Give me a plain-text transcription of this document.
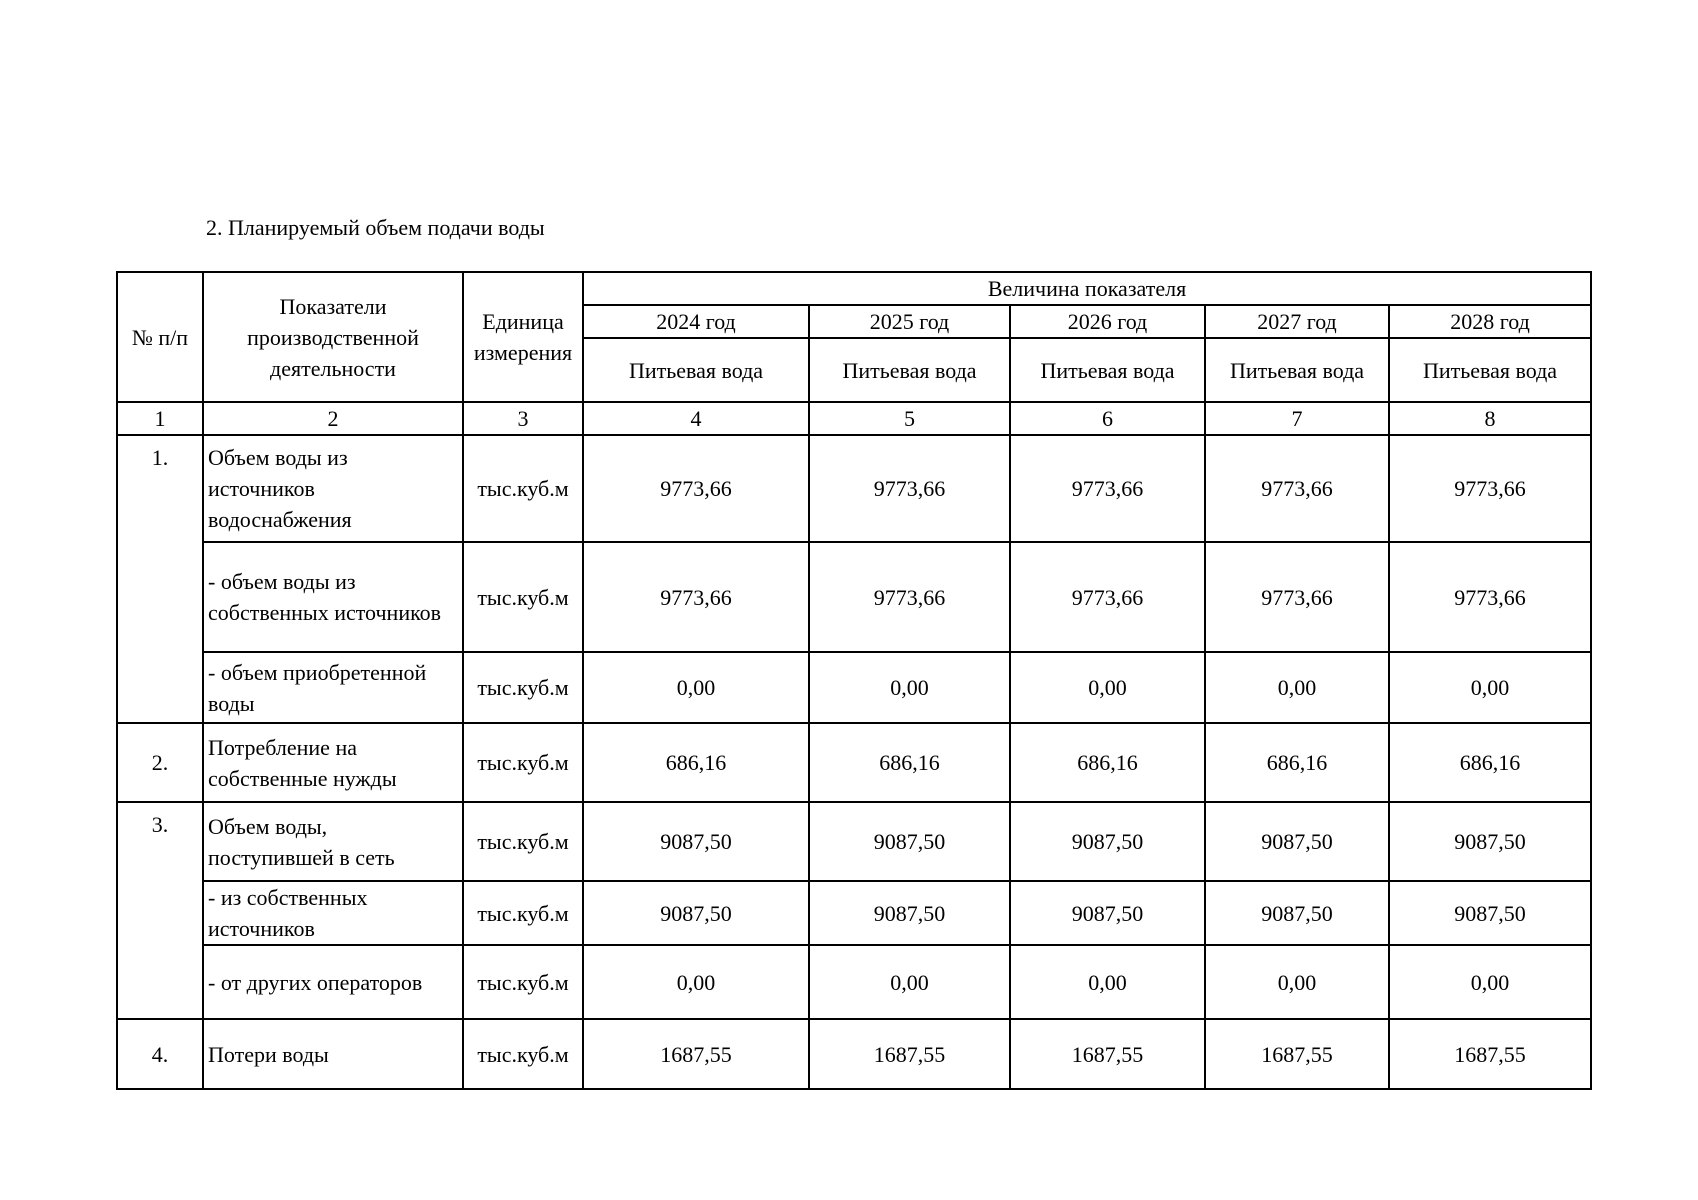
2. Планируемый объем подачи воды
№ п/п	Показатели производственной деятельности	Единица измерения	Величина показателя				
			2024 год	2025 год	2026 год	2027 год	2028 год
			Питьевая вода	Питьевая вода	Питьевая вода	Питьевая вода	Питьевая вода
1	2	3	4	5	6	7	8
1.	Объем воды из источников водоснабжения	тыс.куб.м	9773,66	9773,66	9773,66	9773,66	9773,66
	- объем воды из собственных источников	тыс.куб.м	9773,66	9773,66	9773,66	9773,66	9773,66
	- объем приобретенной воды	тыс.куб.м	0,00	0,00	0,00	0,00	0,00
2.	Потребление на собственные нужды	тыс.куб.м	686,16	686,16	686,16	686,16	686,16
3.	Объем воды, поступившей в сеть	тыс.куб.м	9087,50	9087,50	9087,50	9087,50	9087,50
	- из собственных источников	тыс.куб.м	9087,50	9087,50	9087,50	9087,50	9087,50
	- от других операторов	тыс.куб.м	0,00	0,00	0,00	0,00	0,00
4.	Потери воды	тыс.куб.м	1687,55	1687,55	1687,55	1687,55	1687,55
